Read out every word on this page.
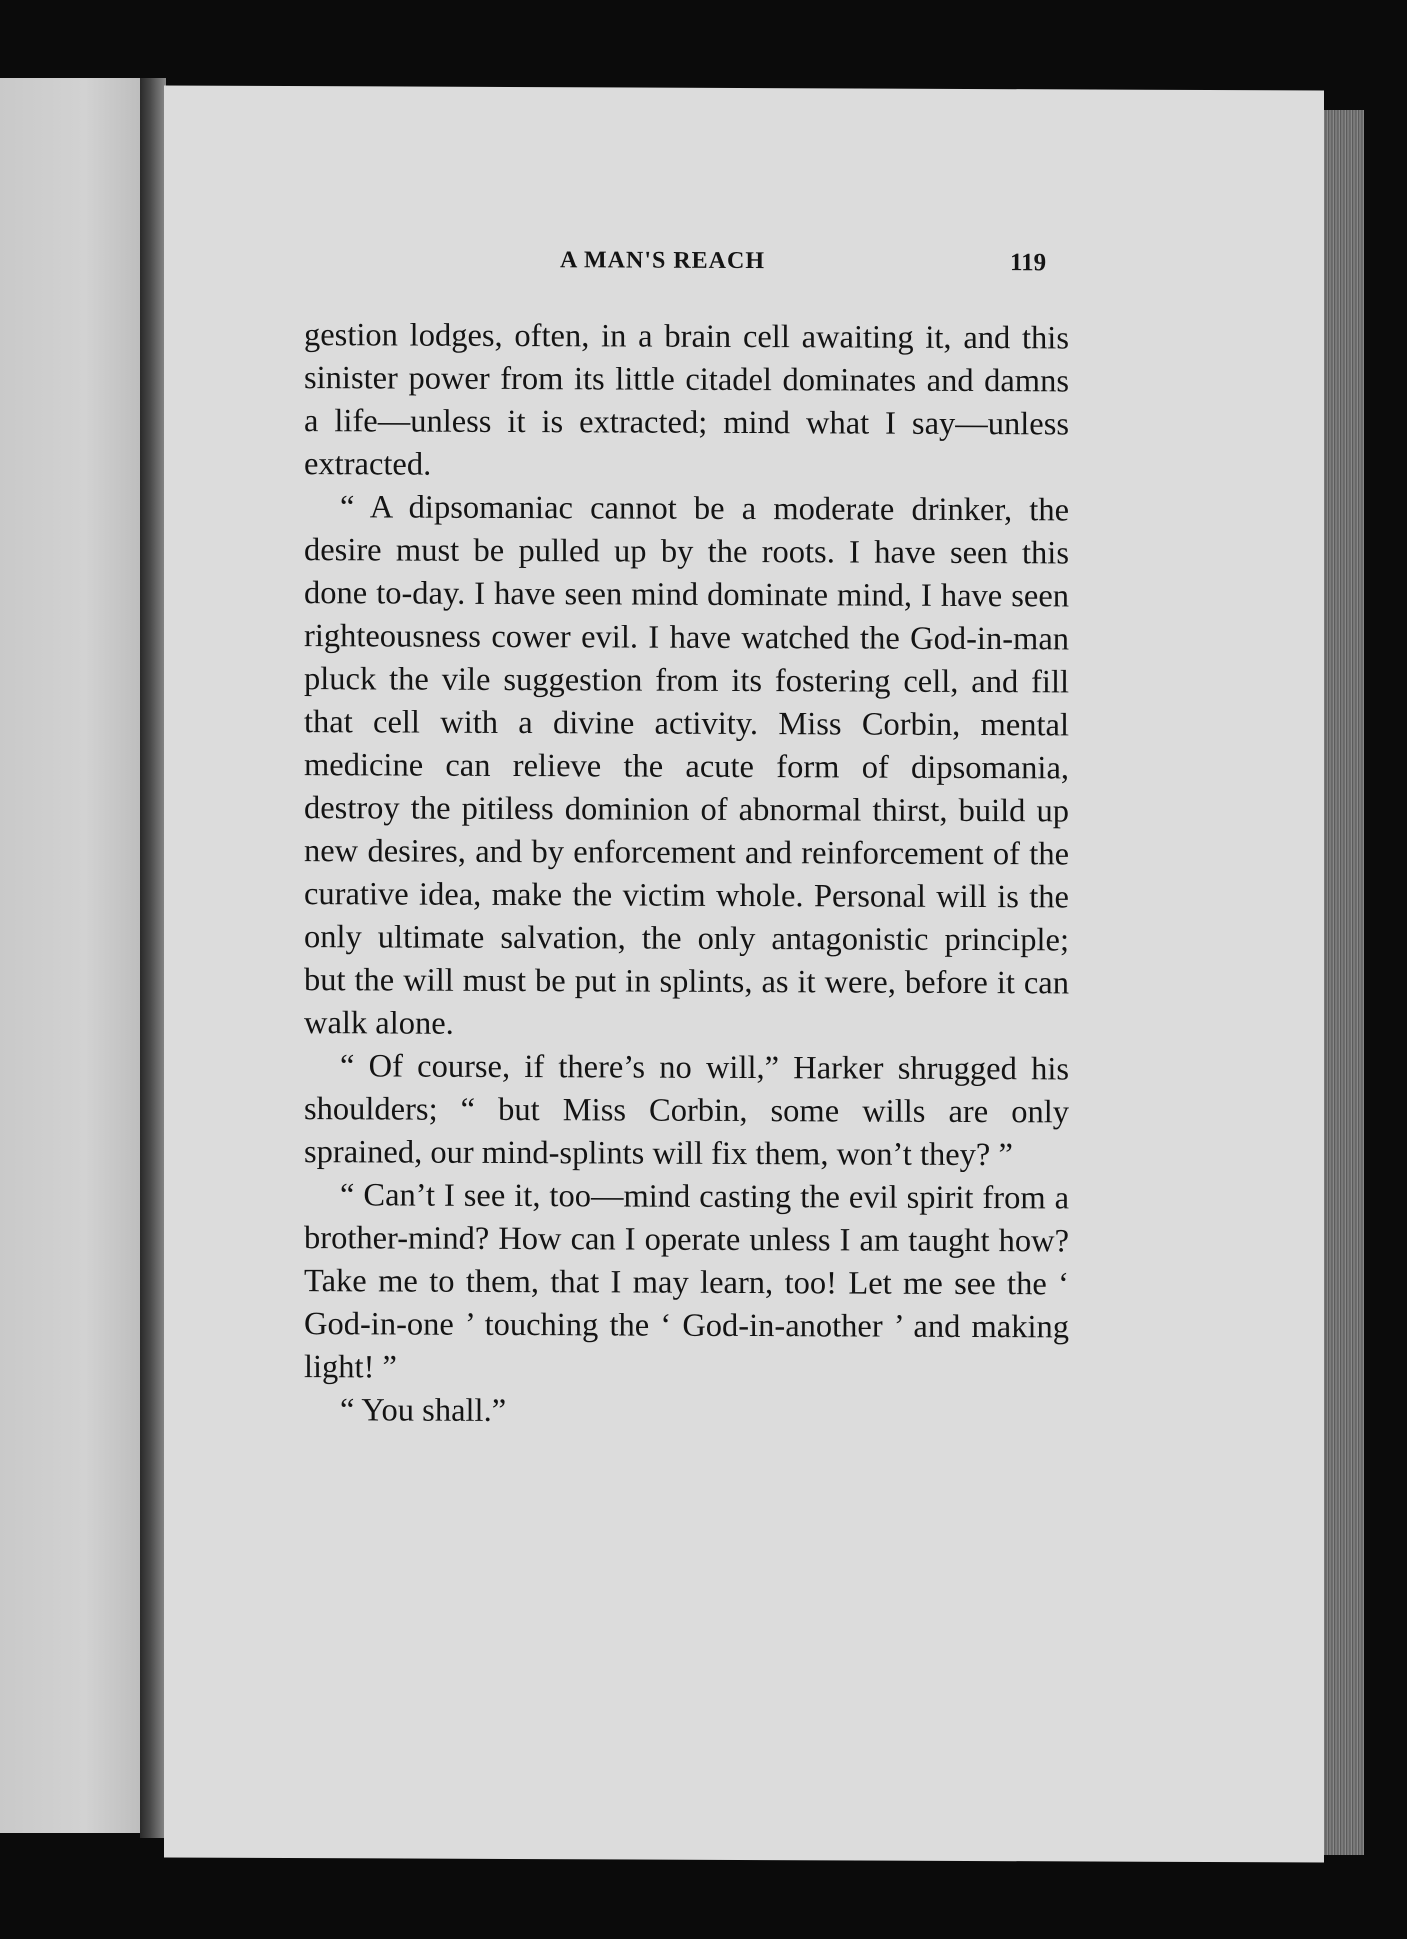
A MAN'S REACH	119

gestion lodges, often, in a brain cell awaiting it, and this sinister power from its little citadel dominates and damns a life—unless it is extracted; mind what I say—unless extracted.

“ A dipsomaniac cannot be a moderate drinker, the desire must be pulled up by the roots. I have seen this done to-day. I have seen mind dominate mind, I have seen righteousness cower evil. I have watched the God-in-man pluck the vile suggestion from its fostering cell, and fill that cell with a divine activity. Miss Corbin, mental medicine can relieve the acute form of dipsomania, destroy the pitiless dominion of abnormal thirst, build up new desires, and by enforcement and reinforcement of the curative idea, make the victim whole. Personal will is the only ultimate salvation, the only antagonistic principle; but the will must be put in splints, as it were, before it can walk alone.

“ Of course, if there’s no will,” Harker shrugged his shoulders; “ but Miss Corbin, some wills are only sprained, our mind-splints will fix them, won’t they? ”

“ Can’t I see it, too—mind casting the evil spirit from a brother-mind? How can I operate unless I am taught how? Take me to them, that I may learn, too! Let me see the ‘ God-in-one ’ touching the ‘ God-in-another ’ and making light! ”

“ You shall.”
